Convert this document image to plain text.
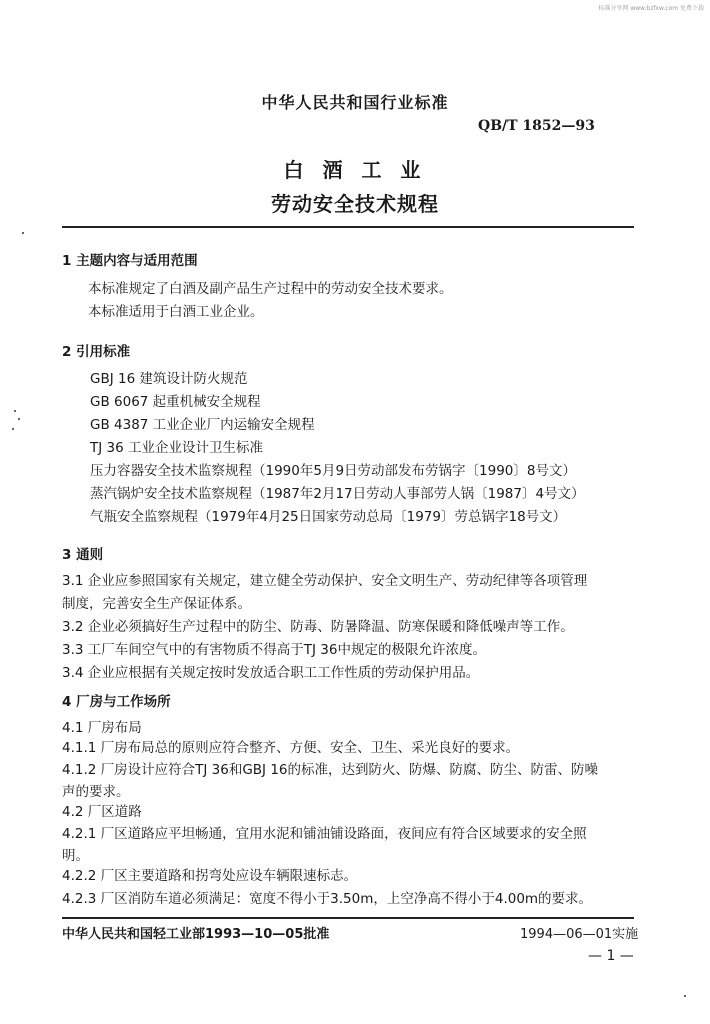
标准分享网 www.bzfxw.com 免费下载
中华人民共和国行业标准
QB/T 1852—93
白 酒 工 业
劳动安全技术规程
1 主题内容与适用范围
本标准规定了白酒及副产品生产过程中的劳动安全技术要求。
本标准适用于白酒工业企业。
2 引用标准
GBJ 16 建筑设计防火规范
GB 6067 起重机械安全规程
GB 4387 工业企业厂内运输安全规程
TJ 36 工业企业设计卫生标准
压力容器安全技术监察规程（1990年5月9日劳动部发布劳锅字〔1990〕8号文）
蒸汽锅炉安全技术监察规程（1987年2月17日劳动人事部劳人锅〔1987〕4号文）
气瓶安全监察规程（1979年4月25日国家劳动总局〔1979〕劳总锅字18号文）
3 通则
3.1 企业应参照国家有关规定，建立健全劳动保护、安全文明生产、劳动纪律等各项管理
制度，完善安全生产保证体系。
3.2 企业必须搞好生产过程中的防尘、防毒、防暑降温、防寒保暖和降低噪声等工作。
3.3 工厂车间空气中的有害物质不得高于TJ 36中规定的极限允许浓度。
3.4 企业应根据有关规定按时发放适合职工工作性质的劳动保护用品。
4 厂房与工作场所
4.1 厂房布局
4.1.1 厂房布局总的原则应符合整齐、方便、安全、卫生、采光良好的要求。
4.1.2 厂房设计应符合TJ 36和GBJ 16的标准，达到防火、防爆、防腐、防尘、防雷、防噪
声的要求。
4.2 厂区道路
4.2.1 厂区道路应平坦畅通，宜用水泥和铺油铺设路面，夜间应有符合区域要求的安全照
明。
4.2.2 厂区主要道路和拐弯处应设车辆限速标志。
中华人民共和国轻工业部1993—10—05批准	1994—06—01实施
— 1 —
4.2.3 厂区消防车道必须满足：宽度不得小于3.50m，上空净高不得小于4.00m的要求。
